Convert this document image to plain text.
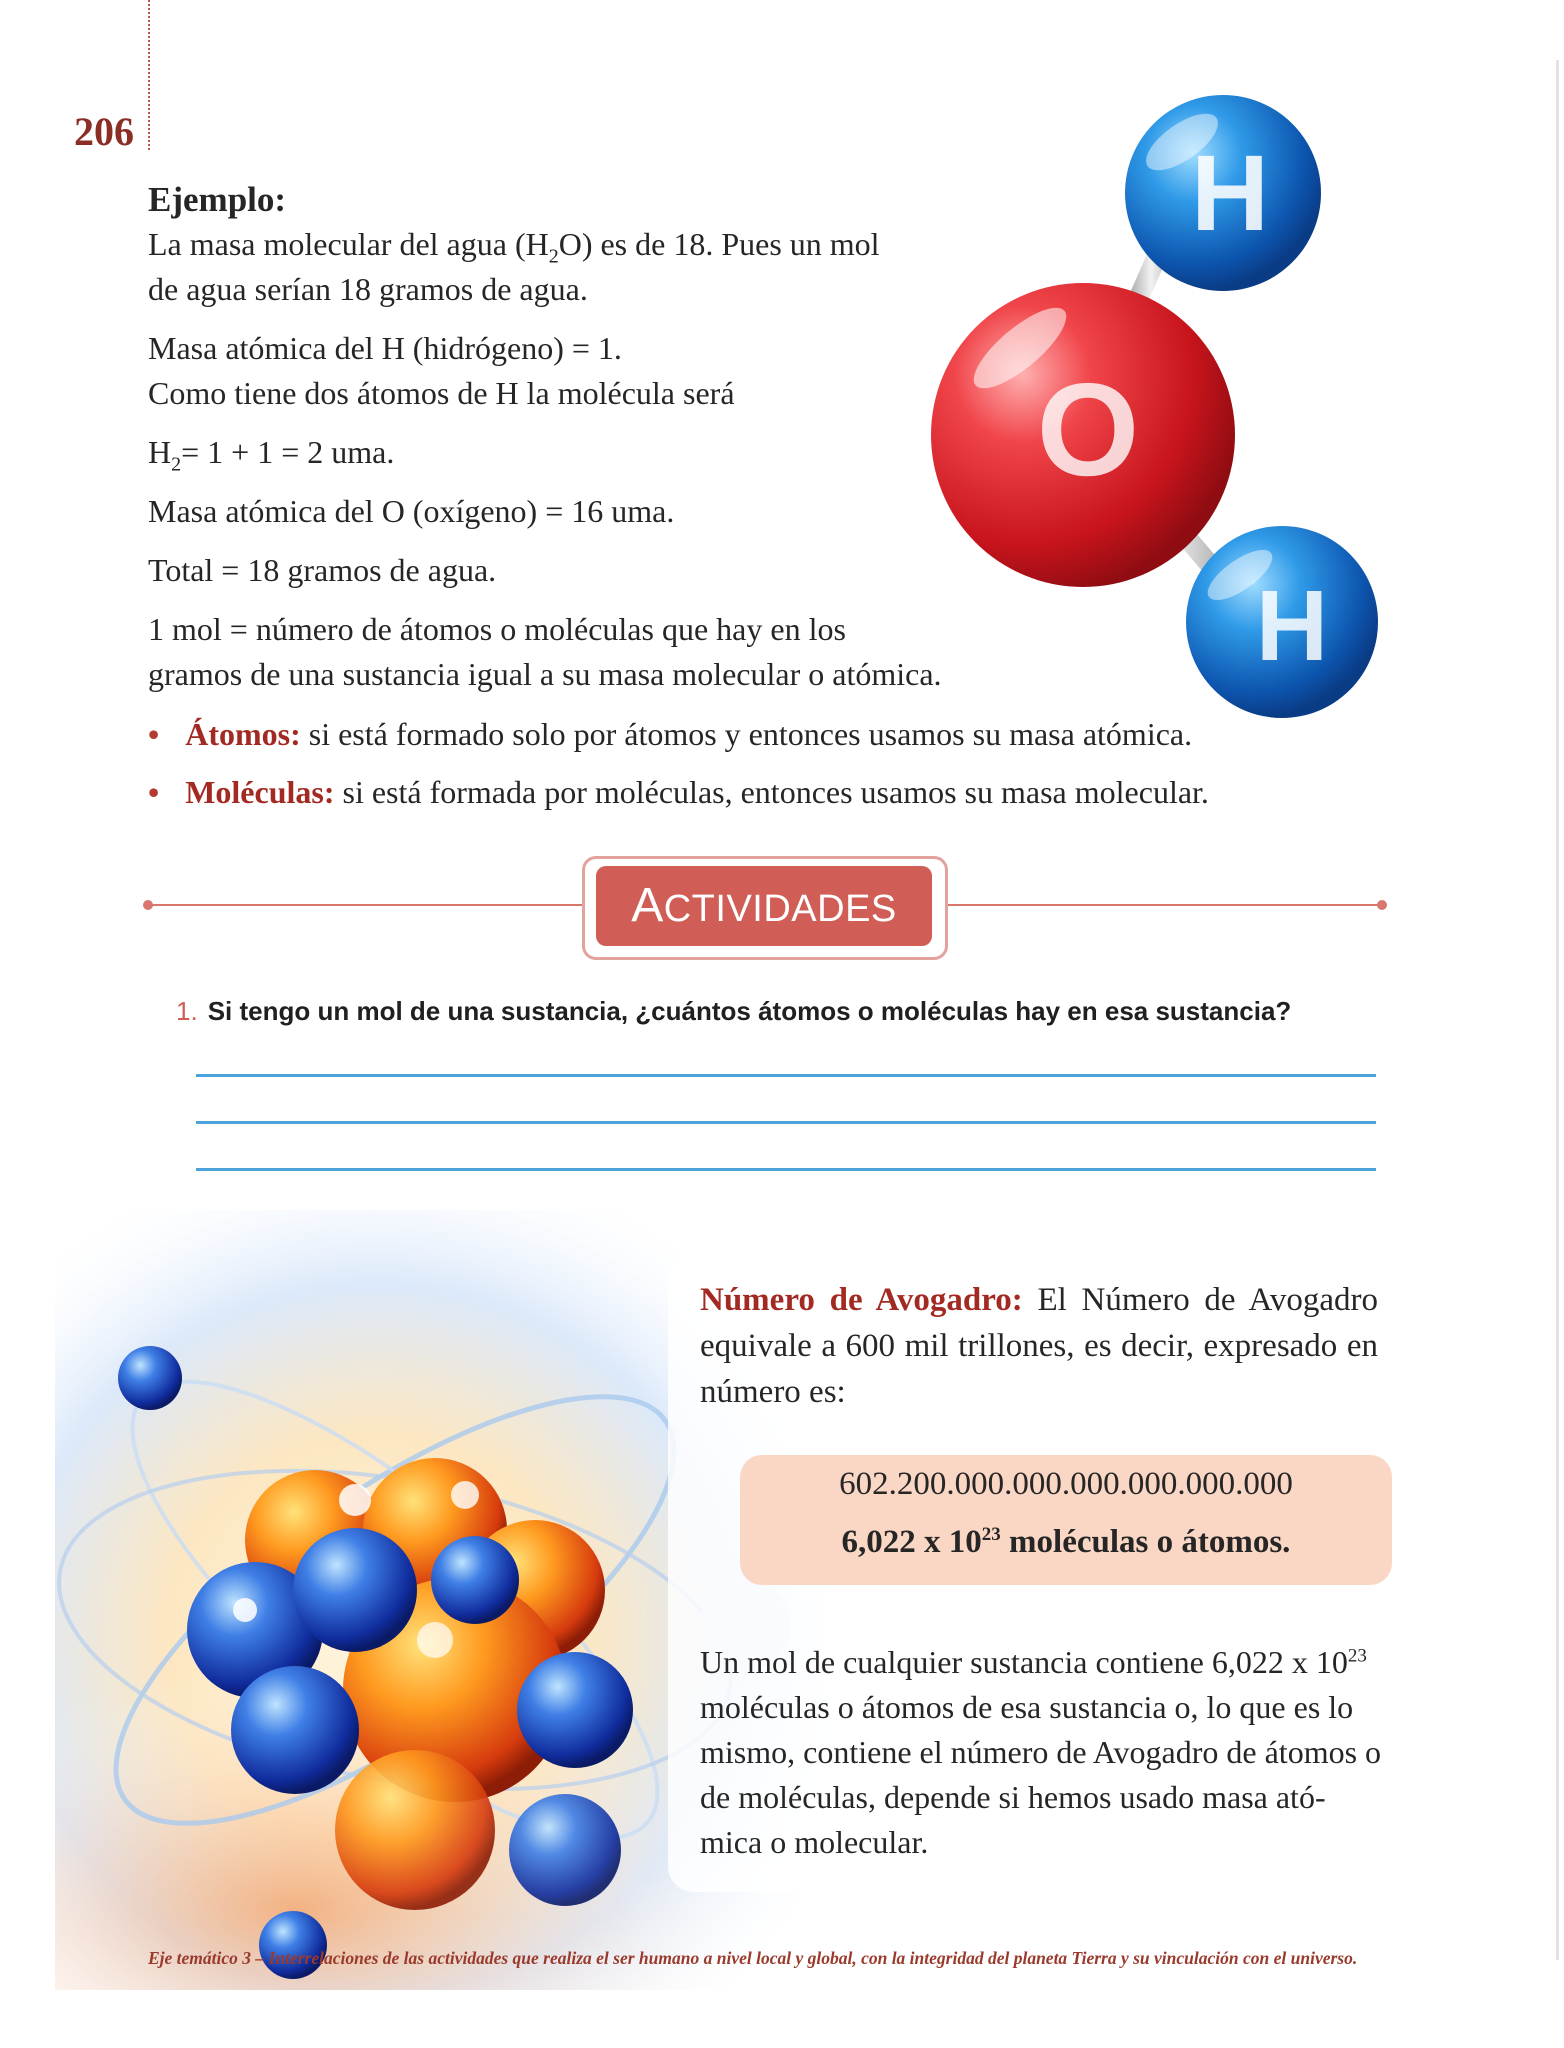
206
Ejemplo:
La masa molecular del agua $(H_2O)$ es de 18. Pues un mol
de agua serían 18 gramos de agua.
Masa atómica del H (hidrógeno) = 1.
Como tiene dos átomos de H la molécula será
$H_2= 1 + 1 = 2$ uma.
Masa atómica del O (oxígeno) = 16 uma.
Total = 18 gramos de agua.
1 mol = número de átomos o moléculas que hay en los
gramos de una sustancia igual a su masa molecular o atómica.
• Átomos: si está formado solo por átomos y entonces usamos su masa atómica.
• Moléculas: si está formada por moléculas, entonces usamos su masa molecular.
H
O
H
ACTIVIDADES
1. Si tengo un mol de una sustancia, ¿cuántos átomos o moléculas hay en esa sustancia?
Número de Avogadro: El Número de Avogadro equivale a 600 mil trillones, es decir, expresado en número es:
602.200.000.000.000.000.000.000
6,022 x $10^{23}$ moléculas o átomos.
Un mol de cualquier sustancia contiene 6,022 x $10^{23}$ moléculas o átomos de esa sustancia o, lo que es lo mismo, contiene el número de Avogadro de átomos o de moléculas, depende si hemos usado masa ató-mica o molecular.
Eje temático 3 – Interrelaciones de las actividades que realiza el ser humano a nivel local y global, con la integridad del planeta Tierra y su vinculación con el universo.
